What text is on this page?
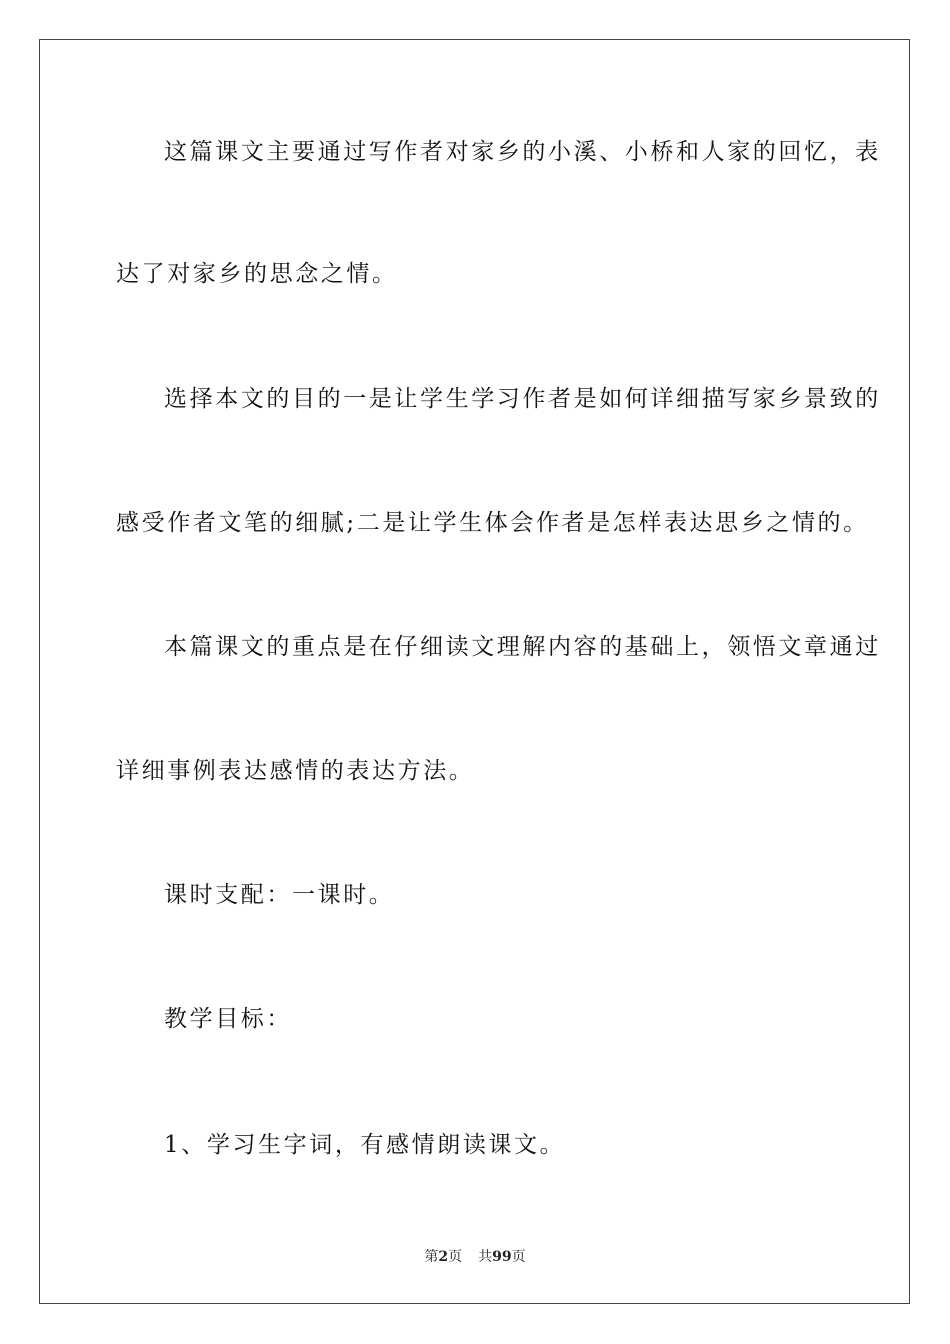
这篇课文主要通过写作者对家乡的小溪、小桥和人家的回忆，表
达了对家乡的思念之情。
选择本文的目的一是让学生学习作者是如何详细描写家乡景致的
感受作者文笔的细腻;二是让学生体会作者是怎样表达思乡之情的。
本篇课文的重点是在仔细读文理解内容的基础上，领悟文章通过
详细事例表达感情的表达方法。
课时支配：一课时。
教学目标：
1、学习生字词，有感情朗读课文。
第2页 共99页
